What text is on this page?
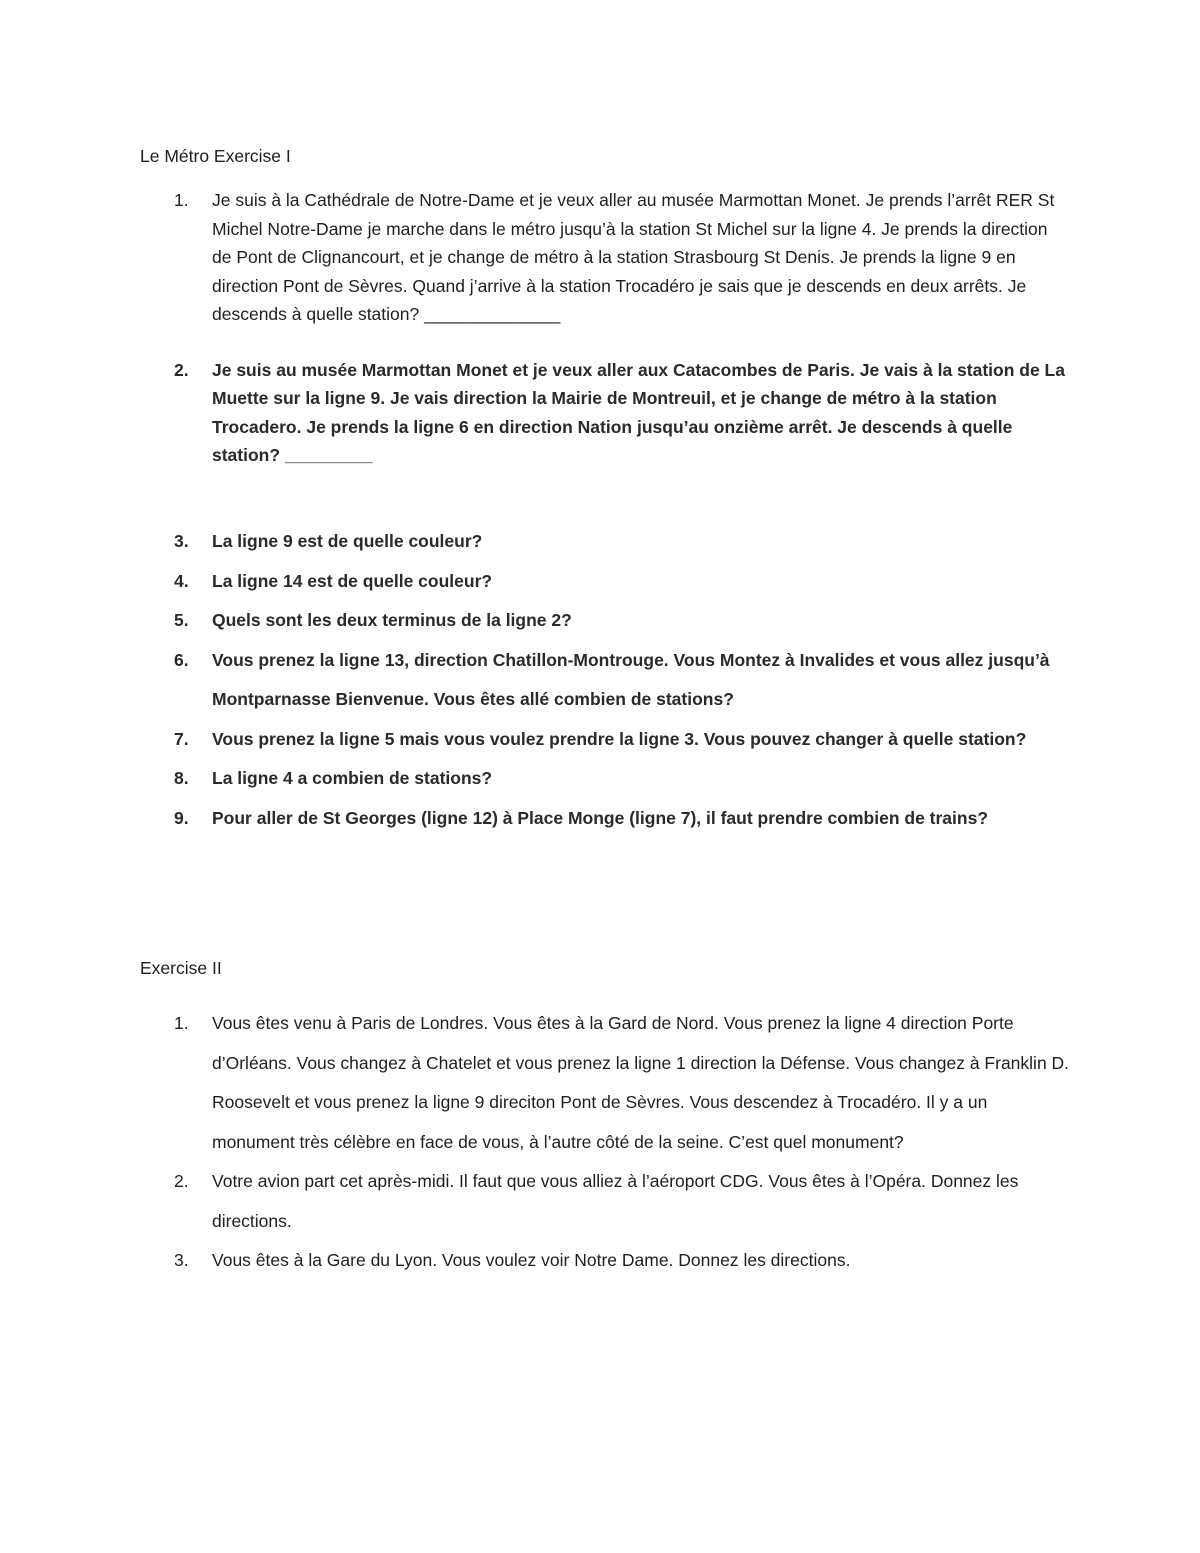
Le Métro Exercise I
1. Je suis à la Cathédrale de Notre-Dame et je veux aller au musée Marmottan Monet. Je prends l’arrêt RER St Michel Notre-Dame je marche dans le métro jusqu’à la station St Michel sur la ligne 4. Je prends la direction de Pont de Clignancourt, et je change de métro à la station Strasbourg St Denis. Je prends la ligne 9 en direction Pont de Sèvres. Quand j’arrive à la station Trocadéro je sais que je descends en deux arrêts. Je descends à quelle station? ______________
2. Je suis au musée Marmottan Monet et je veux aller aux Catacombes de Paris. Je vais à la station de La Muette sur la ligne 9. Je vais direction la Mairie de Montreuil, et je change de métro à la station Trocadero. Je prends la ligne 6 en direction Nation jusqu’au onzième arrêt. Je descends à quelle station? _________
3. La ligne 9 est de quelle couleur?
4. La ligne 14 est de quelle couleur?
5. Quels sont les deux terminus de la ligne 2?
6. Vous prenez la ligne 13, direction Chatillon-Montrouge. Vous Montez à Invalides et vous allez jusqu’à Montparnasse Bienvenue. Vous êtes allé combien de stations?
7. Vous prenez la ligne 5 mais vous voulez prendre la ligne 3. Vous pouvez changer à quelle station?
8. La ligne 4 a combien de stations?
9. Pour aller de St Georges (ligne 12) à Place Monge (ligne 7), il faut prendre combien de trains?
Exercise II
1. Vous êtes venu à Paris de Londres. Vous êtes à la Gard de Nord. Vous prenez la ligne 4 direction Porte d’Orléans. Vous changez à Chatelet et vous prenez la ligne 1 direction la Défense. Vous changez à Franklin D. Roosevelt et vous prenez la ligne 9 direciton Pont de Sèvres. Vous descendez à Trocadéro. Il y a un monument très célèbre en face de vous, à l’autre côté de la seine. C’est quel monument?
2. Votre avion part cet après-midi. Il faut que vous alliez à l’aéroport CDG. Vous êtes à l’Opéra. Donnez les directions.
3. Vous êtes à la Gare du Lyon. Vous voulez voir Notre Dame. Donnez les directions.
